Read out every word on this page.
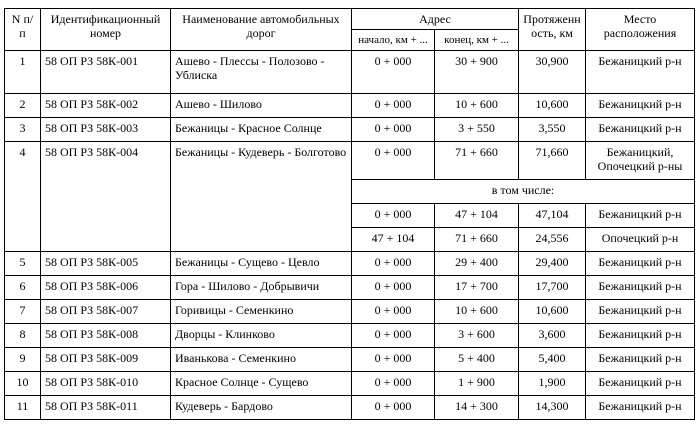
N п/п	Идентификационный номер	Наименование автомобильных дорог	Адрес		Протяженность, км	Место расположения
			начало, км + ...	конец, км + ...		
1	58 ОП РЗ 58К-001	Ашево - Плессы - Полозово - Ублиска	0 + 000	30 + 900	30,900	Бежаницкий р-н
2	58 ОП РЗ 58К-002	Ашево - Шилово	0 + 000	10 + 600	10,600	Бежаницкий р-н
3	58 ОП РЗ 58К-003	Бежаницы - Красное Солнце	0 + 000	3 + 550	3,550	Бежаницкий р-н
4	58 ОП РЗ 58К-004	Бежаницы - Кудеверь - Болготово	0 + 000	71 + 660	71,660	Бежаницкий, Опочецкий р-ны
			в том числе:			
			0 + 000	47 + 104	47,104	Бежаницкий р-н
			47 + 104	71 + 660	24,556	Опочецкий р-н
5	58 ОП РЗ 58К-005	Бежаницы - Сущево - Цевло	0 + 000	29 + 400	29,400	Бежаницкий р-н
6	58 ОП РЗ 58К-006	Гора - Шилово - Добрывичи	0 + 000	17 + 700	17,700	Бежаницкий р-н
7	58 ОП РЗ 58К-007	Горивицы - Семенкино	0 + 000	10 + 600	10,600	Бежаницкий р-н
8	58 ОП РЗ 58К-008	Дворцы - Клинково	0 + 000	3 + 600	3,600	Бежаницкий р-н
9	58 ОП РЗ 58К-009	Иванькова - Семенкино	0 + 000	5 + 400	5,400	Бежаницкий р-н
10	58 ОП РЗ 58К-010	Красное Солнце - Сущево	0 + 000	1 + 900	1,900	Бежаницкий р-н
11	58 ОП РЗ 58К-011	Кудеверь - Бардово	0 + 000	14 + 300	14,300	Бежаницкий р-н
